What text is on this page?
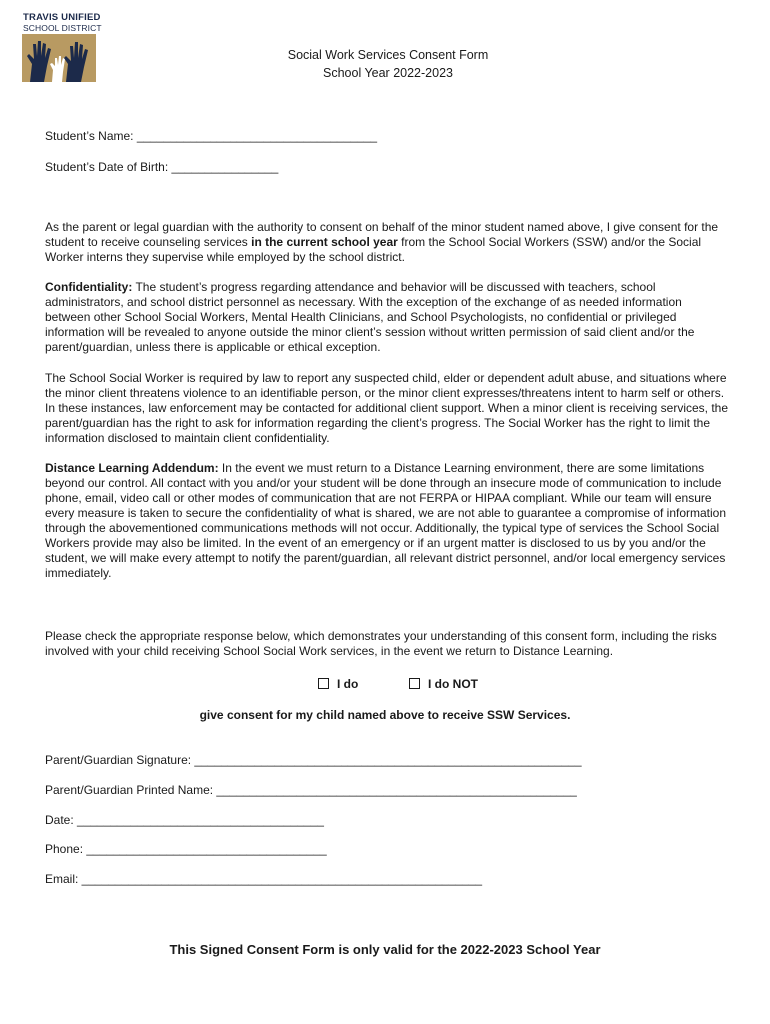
TRAVIS UNIFIED
SCHOOL DISTRICT
Social Work Services Consent Form
School Year 2022-2023
Student’s Name: ____________________________________
Student’s Date of Birth: ________________
As the parent or legal guardian with the authority to consent on behalf of the minor student named above, I give consent for the student to receive counseling services in the current school year from the School Social Workers (SSW) and/or the Social Worker interns they supervise while employed by the school district.
Confidentiality: The student’s progress regarding attendance and behavior will be discussed with teachers, school administrators, and school district personnel as necessary. With the exception of the exchange of as needed information between other School Social Workers, Mental Health Clinicians, and School Psychologists, no confidential or privileged information will be revealed to anyone outside the minor client’s session without written permission of said client and/or the parent/guardian, unless there is applicable or ethical exception.
The School Social Worker is required by law to report any suspected child, elder or dependent adult abuse, and situations where the minor client threatens violence to an identifiable person, or the minor client expresses/threatens intent to harm self or others. In these instances, law enforcement may be contacted for additional client support. When a minor client is receiving services, the parent/guardian has the right to ask for information regarding the client’s progress. The Social Worker has the right to limit the information disclosed to maintain client confidentiality.
Distance Learning Addendum: In the event we must return to a Distance Learning environment, there are some limitations beyond our control. All contact with you and/or your student will be done through an insecure mode of communication to include phone, email, video call or other modes of communication that are not FERPA or HIPAA compliant. While our team will ensure every measure is taken to secure the confidentiality of what is shared, we are not able to guarantee a compromise of information through the abovementioned communications methods will not occur. Additionally, the typical type of services the School Social Workers provide may also be limited. In the event of an emergency or if an urgent matter is disclosed to us by you and/or the student, we will make every attempt to notify the parent/guardian, all relevant district personnel, and/or local emergency services immediately.
Please check the appropriate response below, which demonstrates your understanding of this consent form, including the risks involved with your child receiving School Social Work services, in the event we return to Distance Learning.
I do	I do NOT
give consent for my child named above to receive SSW Services.
Parent/Guardian Signature: __________________________________________________________
Parent/Guardian Printed Name: ______________________________________________________
Date: _____________________________________
Phone: ____________________________________
Email: ____________________________________________________________
This Signed Consent Form is only valid for the 2022-2023 School Year
